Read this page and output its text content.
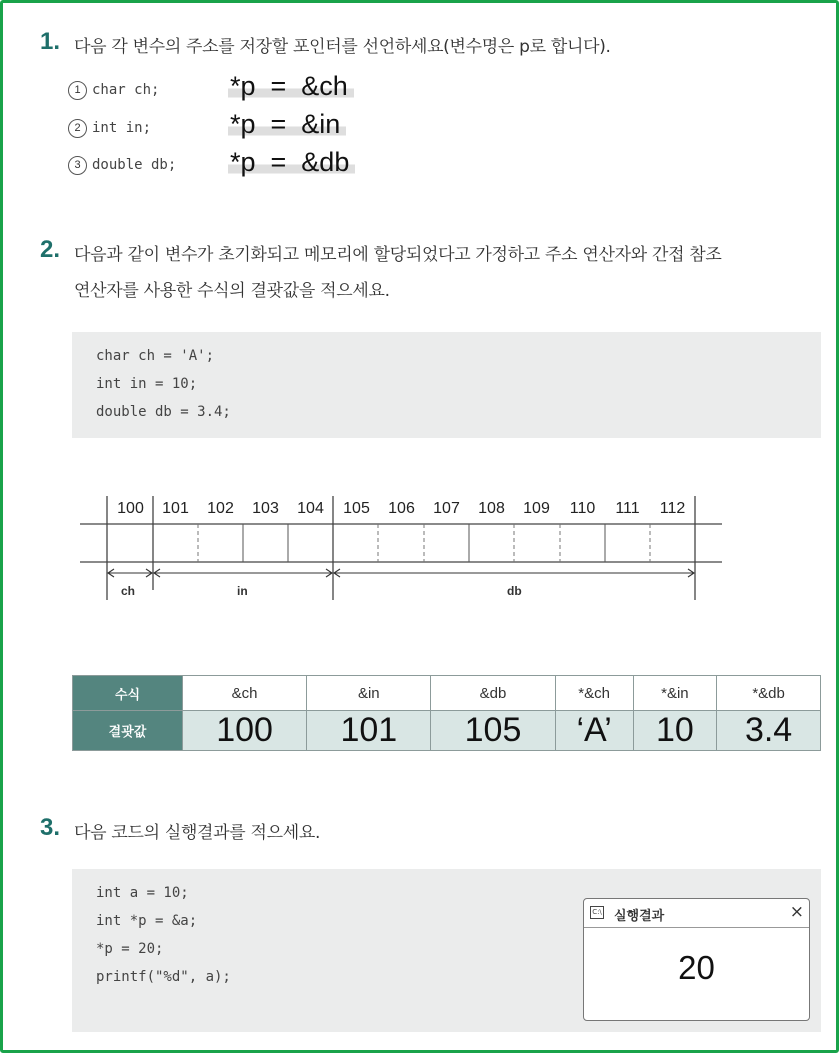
1. 다음 각 변수의 주소를 저장할 포인터를 선언하세요(변수명은 p로 합니다).
1 char ch;	*p  =  &ch
2 int in;	*p  =  &in
3 double db; *p  =  &db
2. 다음과 같이 변수가 초기화되고 메모리에 할당되었다고 가정하고 주소 연산자와 간접 참조
연산자를 사용한 수식의 결괏값을 적으세요.
char ch = 'A';
int in = 10;
double db = 3.4;
100	101	102	103	104	105	106	107	108	109	110	111	112
ch	in	db
수식	&ch	&in	&db	*&ch	*&in	*&db
결괏값	100	101	105	‘A’	10	3.4
3. 다음 코드의 실행결과를 적으세요.
int a = 10;
int *p = &a;
*p = 20;
printf("%d", a);
C:\ 실행결과	×
20
